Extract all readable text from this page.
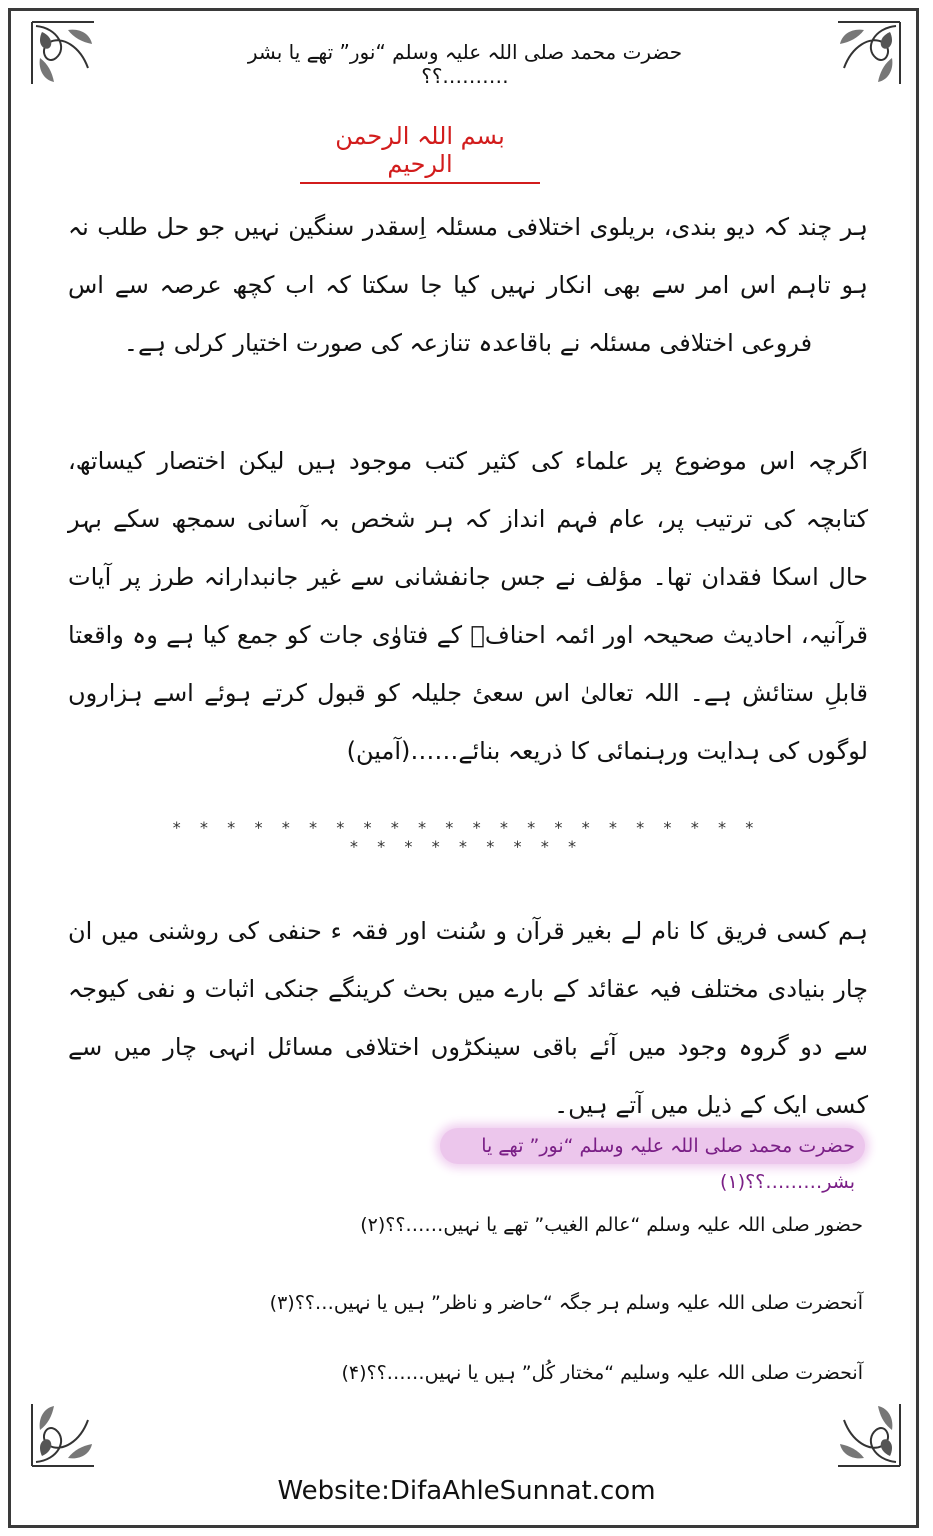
حضرت محمد صلی اللہ علیہ وسلم “نور” تھے یا بشر ……….؟؟
بسم اللہ الرحمن الرحیم
ہر چند کہ دیو بندی، بریلوی اختلافی مسئلہ اِسقدر سنگین نہیں جو حل طلب نہ ہو تاہم اس امر سے بھی انکار نہیں کیا جا سکتا کہ اب کچھ عرصہ سے اس فروعی اختلافی مسئلہ نے باقاعدہ تنازعہ کی صورت اختیار کرلی ہے۔
اگرچہ اس موضوع پر علماء کی کثیر کتب موجود ہیں لیکن اختصار کیساتھ، کتابچہ کی ترتیب پر، عام فہم انداز کہ ہر شخص بہ آسانی سمجھ سکے بہر حال اسکا فقدان تھا۔ مؤلف نے جس جانفشانی سے غیر جانبدارانہ طرز پر آیات قرآنیہ، احادیث صحیحہ اور ائمہ احنافؒ کے فتاوٰی جات کو جمع کیا ہے وہ واقعتا قابلِ ستائش ہے۔ اللہ تعالیٰ اس سعیٔ جلیلہ کو قبول کرتے ہوئے اسے ہزاروں لوگوں کی ہدایت ورہنمائی کا ذریعہ بنائے……(آمین)
* * * * * * * * * * * * * * * * * * * * * * * * * * * * * * *
ہم کسی فریق کا نام لے بغیر قرآن و سُنت اور فقہ ء حنفی کی روشنی میں ان چار بنیادی مختلف فیہ عقائد کے بارے میں بحث کرینگے جنکی اثبات و نفی کیوجہ سے دو گروہ وجود میں آئے باقی سینکڑوں اختلافی مسائل انہی چار میں سے کسی ایک کے ذیل میں آتے ہیں۔
حضرت محمد صلی اللہ علیہ وسلم “نور” تھے یا بشر………؟؟(۱)
حضور صلی اللہ علیہ وسلم “عالم الغیب” تھے یا نہیں……؟؟(۲)
آنحضرت صلی اللہ علیہ وسلم ہر جگہ “حاضر و ناظر” ہیں یا نہیں…؟؟(۳)
آنحضرت صلی اللہ علیہ وسلیم “مختار کُل” ہیں یا نہیں……؟؟(۴)
Website:DifaAhleSunnat.com
